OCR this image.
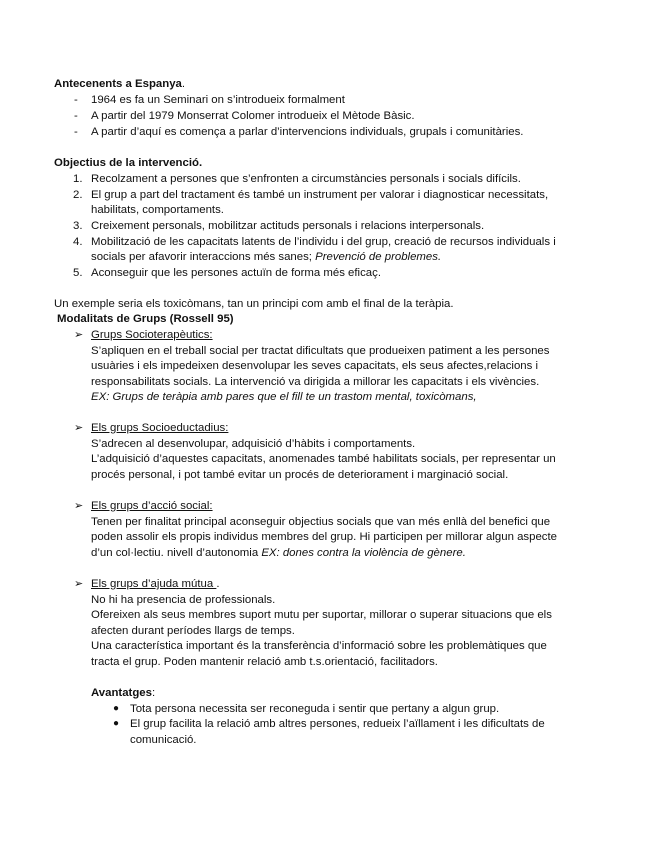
Antecenents a Espanya.
- 1964 es fa un Seminari on s’introdueix formalment
- A partir del 1979 Monserrat Colomer introdueix el Mètode Bàsic.
- A partir d’aquí es comença a parlar d’intervencions individuals, grupals i comunitàries.
Objectius de la intervenció.
1. Recolzament a persones que s’enfronten a circumstàncies personals i socials difícils.
2. El grup a part del tractament és també un instrument per valorar i diagnosticar necessitats,
habilitats, comportaments.
3. Creixement personals, mobilitzar actituds personals i relacions interpersonals.
4. Mobilització de les capacitats latents de l’individu i del grup, creació de recursos individuals i
socials per afavorir interaccions més sanes; Prevenció de problemes.
5. Aconseguir que les persones actuïn de forma més eficaç.
Un exemple seria els toxicòmans, tan un principi com amb el final de la teràpia.
Modalitats de Grups (Rossell 95)
➢ Grups Socioterapèutics:
S’apliquen en el treball social per tractat dificultats que produeixen patiment a les persones
usuàries i els impedeixen desenvolupar les seves capacitats, els seus afectes,relacions i
responsabilitats socials. La intervenció va dirigida a millorar les capacitats i els vivències.
EX: Grups de teràpia amb pares que el fill te un trastom mental, toxicòmans,
➢ Els grups Socioeductadius:
S’adrecen al desenvolupar, adquisició d’hàbits i comportaments.
L’adquisició d’aquestes capacitats, anomenades també habilitats socials, per representar un
procés personal, i pot també evitar un procés de deteriorament i marginació social.
➢ Els grups d’acció social:
Tenen per finalitat principal aconseguir objectius socials que van més enllà del benefici que
poden assolir els propis individus membres del grup. Hi participen per millorar algun aspecte
d’un col·lectiu. nivell d’autonomia EX: dones contra la violència de gènere.
➢ Els grups d’ajuda mútua .
No hi ha presencia de professionals.
Ofereixen als seus membres suport mutu per suportar, millorar o superar situacions que els
afecten durant períodes llargs de temps.
Una característica important és la transferència d’informació sobre les problemàtiques que
tracta el grup. Poden mantenir relació amb t.s.orientació, facilitadors.
Avantatges:
● Tota persona necessita ser reconeguda i sentir que pertany a algun grup.
● El grup facilita la relació amb altres persones, redueix l’aïllament i les dificultats de
comunicació.
